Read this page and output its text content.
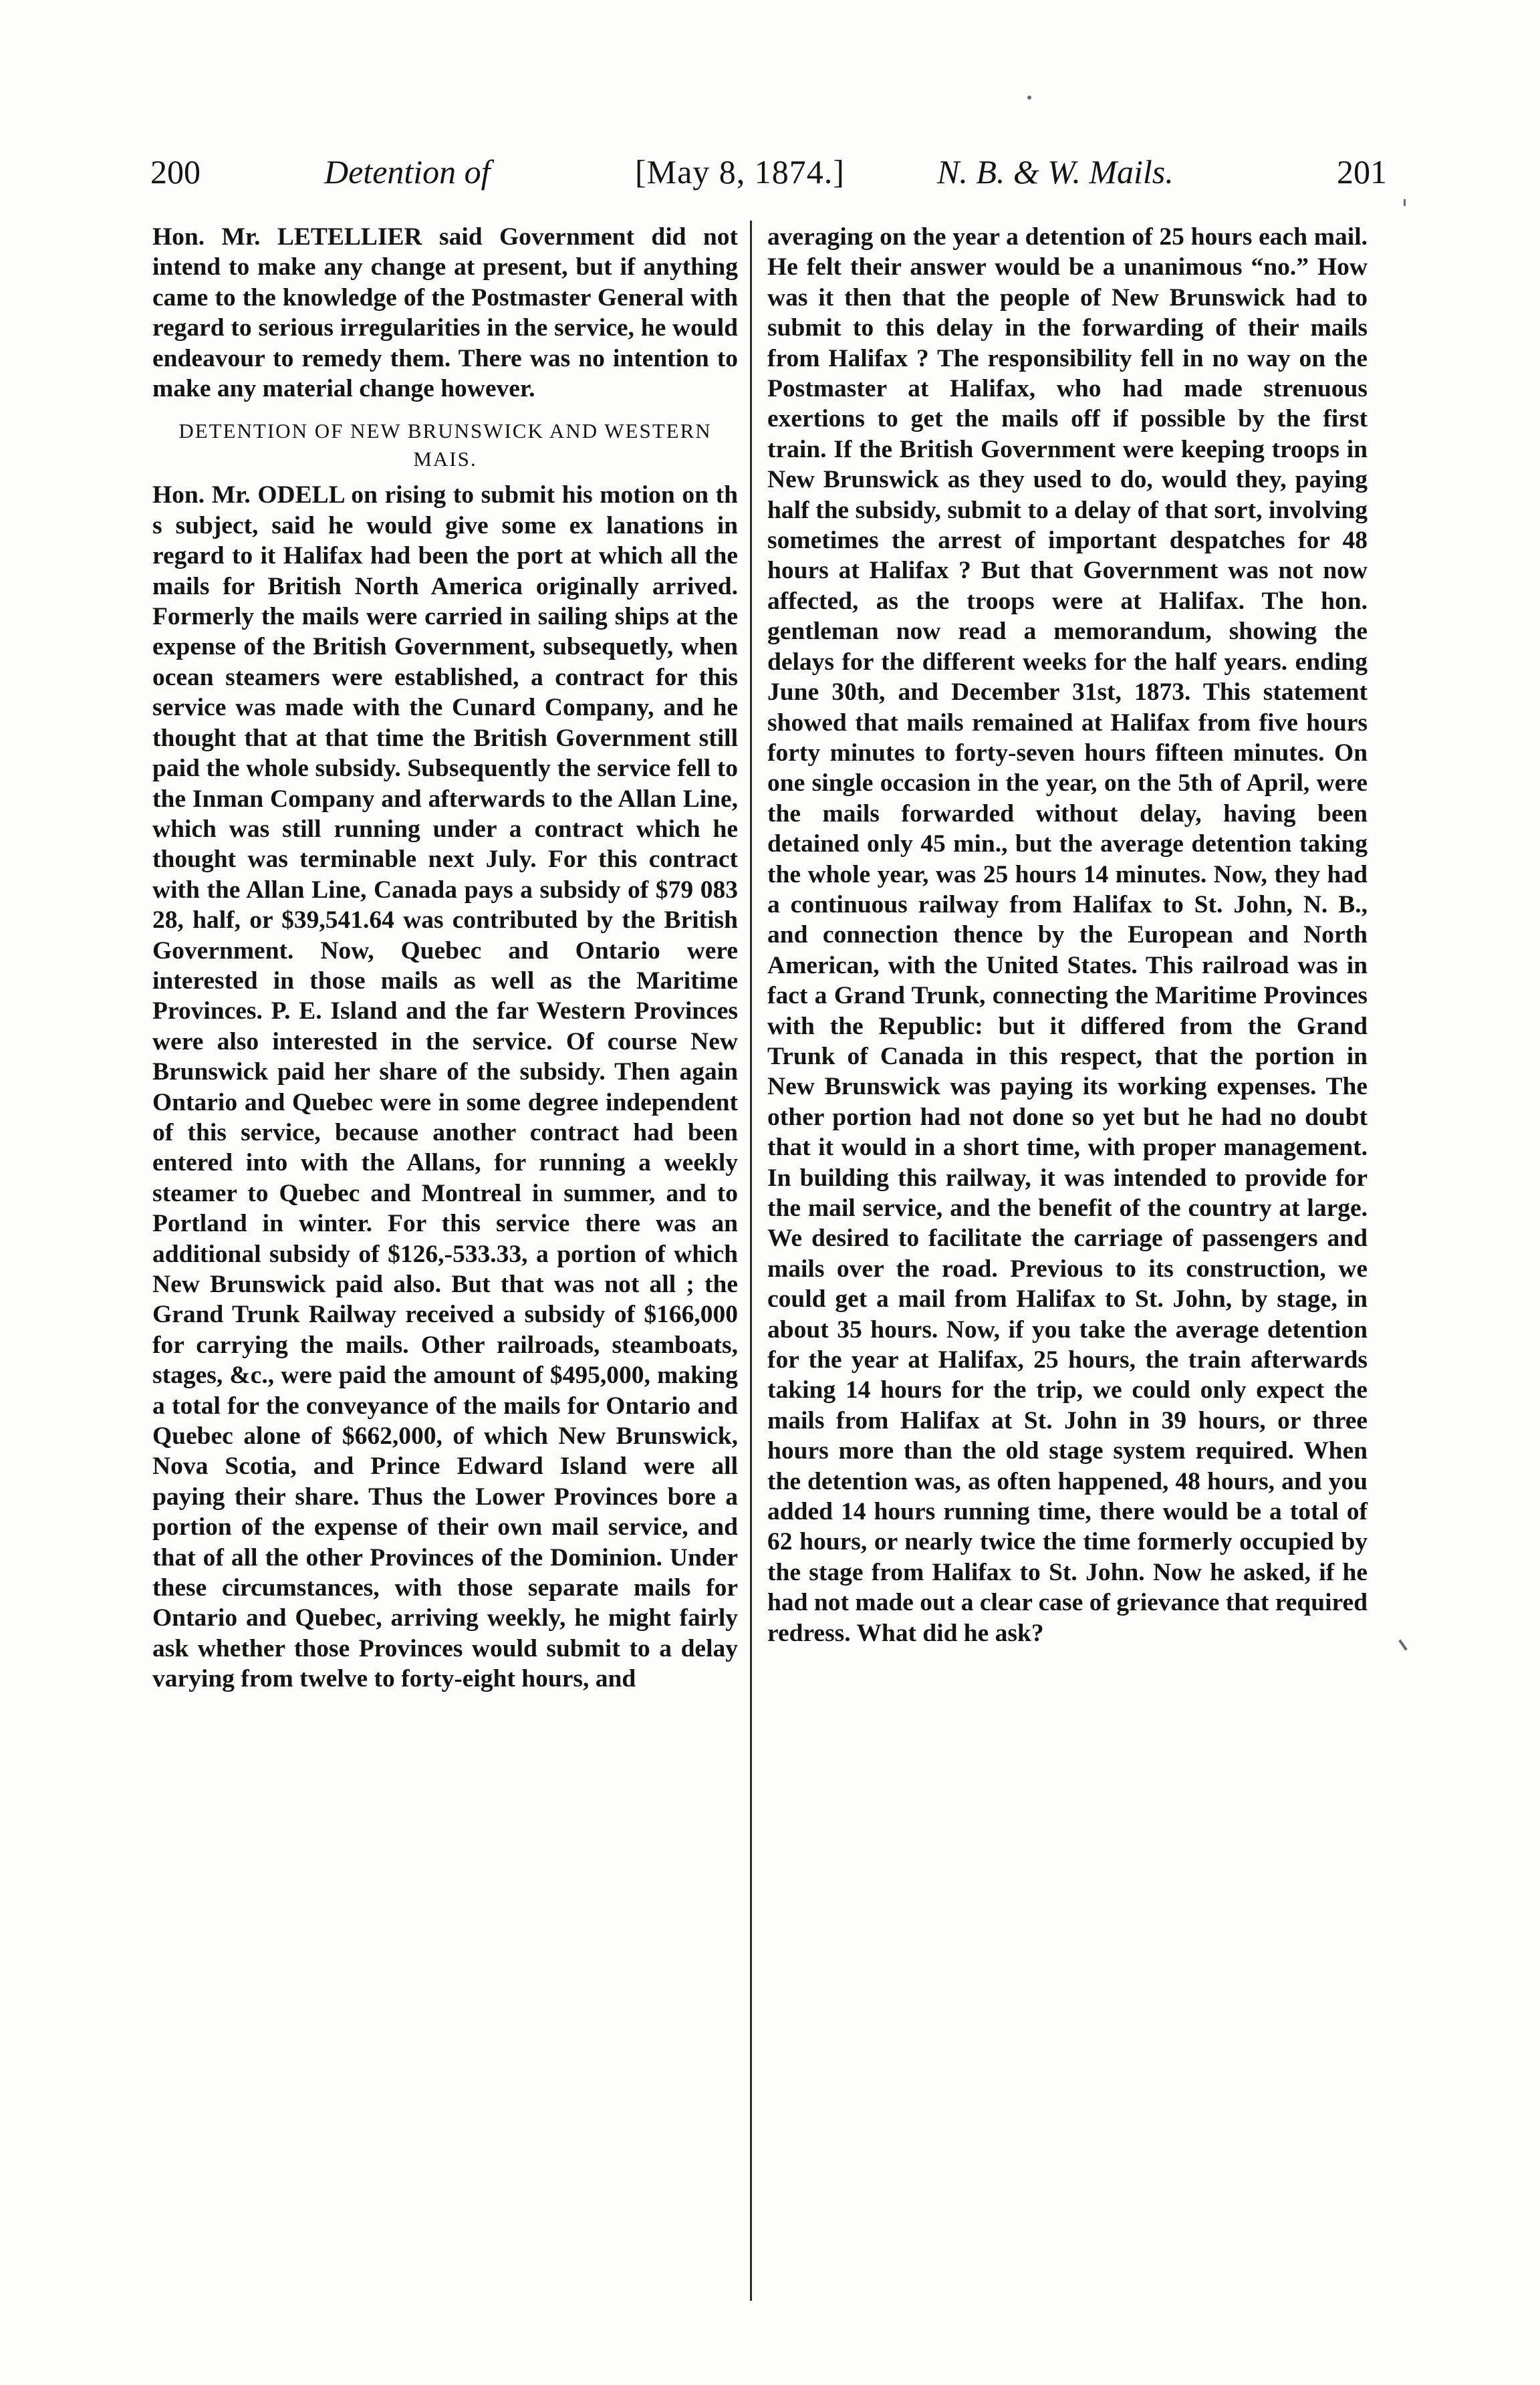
200	Detention of	[May 8, 1874.]	N. B. & W. Mails.	201

Hon. Mr. LETELLIER said Government did not intend to make any change at present, but if anything came to the knowledge of the Postmaster General with regard to serious irregularities in the service, he would endeavour to remedy them. There was no intention to make any material change however.

DETENTION OF NEW BRUNSWICK AND WESTERN MAIS.

Hon. Mr. ODELL on rising to submit his motion on th s subject, said he would give some ex lanations in regard to it Halifax had been the port at which all the mails for British North America originally arrived. Formerly the mails were carried in sailing ships at the expense of the British Government, subsequetly, when ocean steamers were established, a contract for this service was made with the Cunard Company, and he thought that at that time the British Government still paid the whole subsidy. Subsequently the service fell to the Inman Company and afterwards to the Allan Line, which was still running under a contract which he thought was terminable next July. For this contract with the Allan Line, Canada pays a subsidy of $79 083 28, half, or $39,541.64 was contributed by the British Government. Now, Quebec and Ontario were interested in those mails as well as the Maritime Provinces. P. E. Island and the far Western Provinces were also interested in the service. Of course New Brunswick paid her share of the subsidy. Then again Ontario and Quebec were in some degree independent of this service, because another contract had been entered into with the Allans, for running a weekly steamer to Quebec and Montreal in summer, and to Portland in winter. For this service there was an additional subsidy of $126,-533.33, a portion of which New Brunswick paid also. But that was not all ; the Grand Trunk Railway received a subsidy of $166,000 for carrying the mails. Other railroads, steamboats, stages, &c., were paid the amount of $495,000, making a total for the conveyance of the mails for Ontario and Quebec alone of $662,000, of which New Brunswick, Nova Scotia, and Prince Edward Island were all paying their share. Thus the Lower Provinces bore a portion of the expense of their own mail service, and that of all the other Provinces of the Dominion. Under these circumstances, with those separate mails for Ontario and Quebec, arriving weekly, he might fairly ask whether those Provinces would submit to a delay varying from twelve to forty-eight hours, and

averaging on the year a detention of 25 hours each mail. He felt their answer would be a unanimous “no.” How was it then that the people of New Brunswick had to submit to this delay in the forwarding of their mails from Halifax ? The responsibility fell in no way on the Postmaster at Halifax, who had made strenuous exertions to get the mails off if possible by the first train. If the British Government were keeping troops in New Brunswick as they used to do, would they, paying half the subsidy, submit to a delay of that sort, involving sometimes the arrest of important despatches for 48 hours at Halifax ? But that Government was not now affected, as the troops were at Halifax. The hon. gentleman now read a memorandum, showing the delays for the different weeks for the half years. ending June 30th, and December 31st, 1873. This statement showed that mails remained at Halifax from five hours forty minutes to forty-seven hours fifteen minutes. On one single occasion in the year, on the 5th of April, were the mails forwarded without delay, having been detained only 45 min., but the average detention taking the whole year, was 25 hours 14 minutes. Now, they had a continuous railway from Halifax to St. John, N. B., and connection thence by the European and North American, with the United States. This railroad was in fact a Grand Trunk, connecting the Maritime Provinces with the Republic: but it differed from the Grand Trunk of Canada in this respect, that the portion in New Brunswick was paying its working expenses. The other portion had not done so yet but he had no doubt that it would in a short time, with proper management. In building this railway, it was intended to provide for the mail service, and the benefit of the country at large. We desired to facilitate the carriage of passengers and mails over the road. Previous to its construction, we could get a mail from Halifax to St. John, by stage, in about 35 hours. Now, if you take the average detention for the year at Halifax, 25 hours, the train afterwards taking 14 hours for the trip, we could only expect the mails from Halifax at St. John in 39 hours, or three hours more than the old stage system required. When the detention was, as often happened, 48 hours, and you added 14 hours running time, there would be a total of 62 hours, or nearly twice the time formerly occupied by the stage from Halifax to St. John. Now he asked, if he had not made out a clear case of grievance that required redress. What did he ask?
